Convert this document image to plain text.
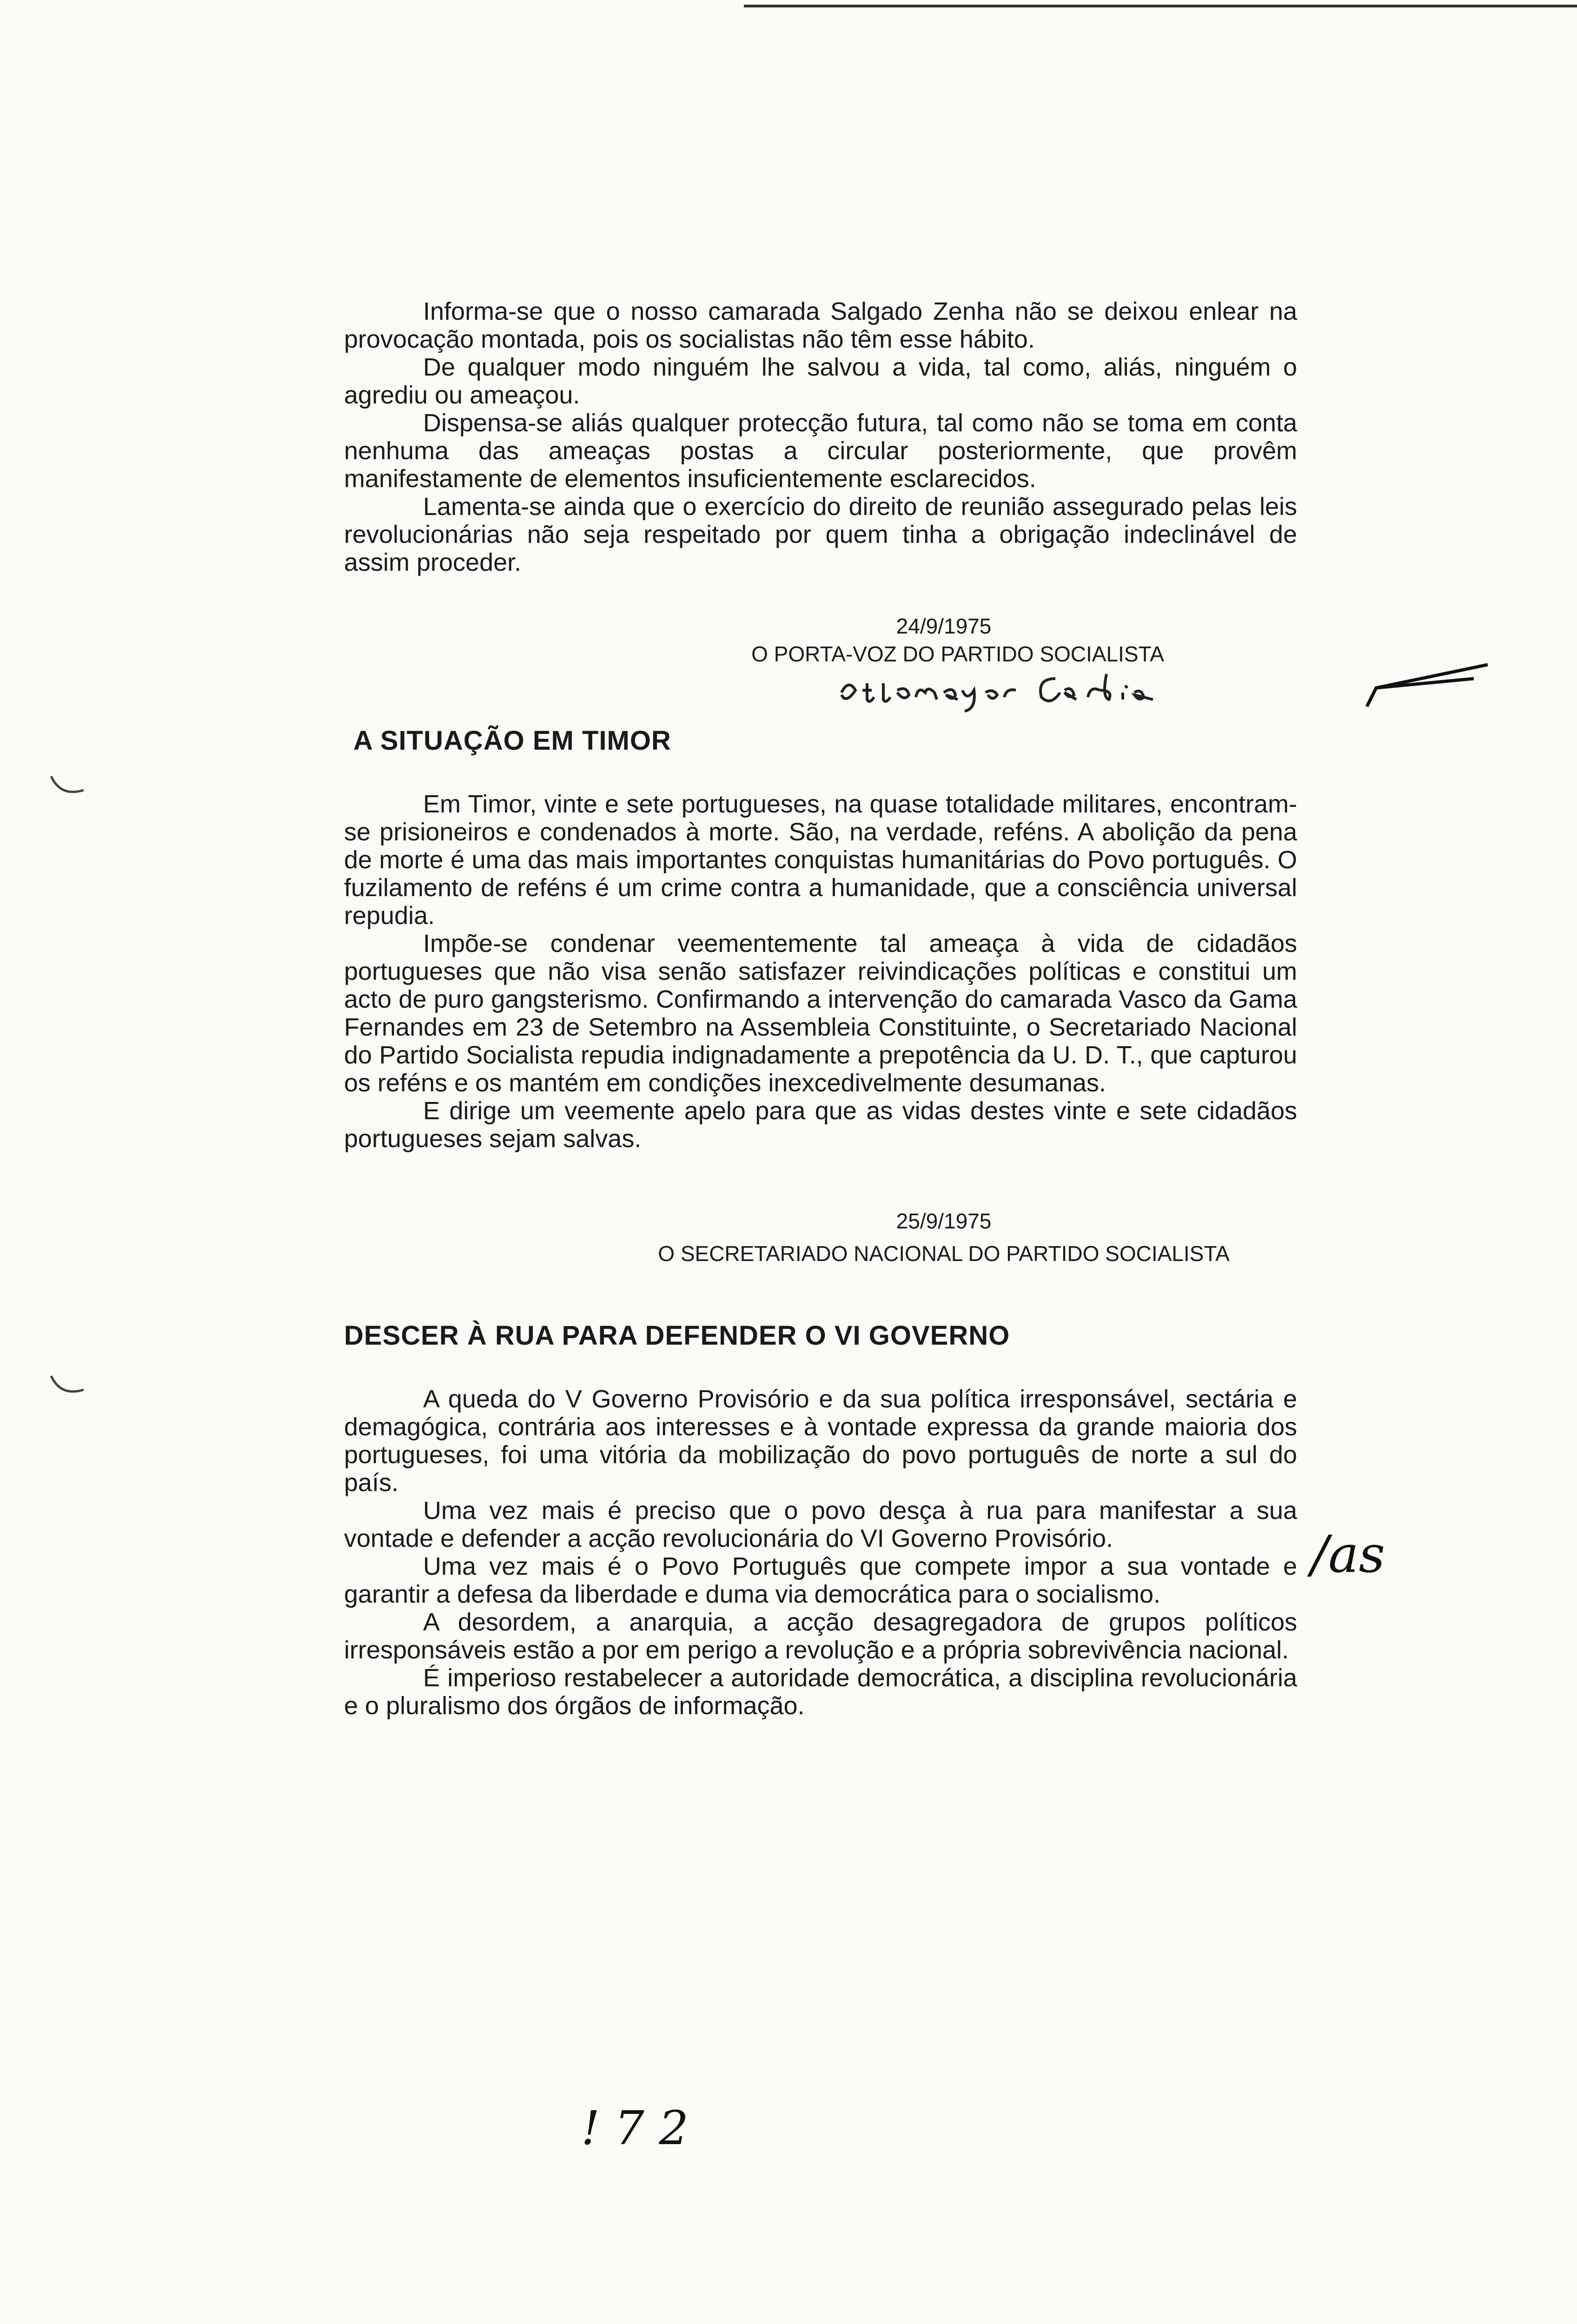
Informa-se que o nosso camarada Salgado Zenha não se deixou enlear na provocação montada, pois os socialistas não têm esse hábito.

De qualquer modo ninguém lhe salvou a vida, tal como, aliás, ninguém o agrediu ou ameaçou.

Dispensa-se aliás qualquer protecção futura, tal como não se toma em conta nenhuma das ameaças postas a circular posteriormente, que provêm manifestamente de elementos insuficientemente esclarecidos.

Lamenta-se ainda que o exercício do direito de reunião assegurado pelas leis revolucionárias não seja respeitado por quem tinha a obrigação indeclinável de assim proceder.

24/9/1975
O PORTA-VOZ DO PARTIDO SOCIALISTA
A SITUAÇÃO EM TIMOR

Em Timor, vinte e sete portugueses, na quase totalidade militares, encontram-se prisioneiros e condenados à morte. São, na verdade, reféns. A abolição da pena de morte é uma das mais importantes conquistas humanitárias do Povo português. O fuzilamento de reféns é um crime contra a humanidade, que a consciência universal repudia.

Impõe-se condenar veementemente tal ameaça à vida de cidadãos portugueses que não visa senão satisfazer reivindicações políticas e constitui um acto de puro gangsterismo. Confirmando a intervenção do camarada Vasco da Gama Fernandes em 23 de Setembro na Assembleia Constituinte, o Secretariado Nacional do Partido Socialista repudia indignadamente a prepotência da U. D. T., que capturou os reféns e os mantém em condições inexcedivelmente desumanas.

E dirige um veemente apelo para que as vidas destes vinte e sete cidadãos portugueses sejam salvas.

25/9/1975
O SECRETARIADO NACIONAL DO PARTIDO SOCIALISTA
DESCER À RUA PARA DEFENDER O VI GOVERNO

A queda do V Governo Provisório e da sua política irresponsável, sectária e demagógica, contrária aos interesses e à vontade expressa da grande maioria dos portugueses, foi uma vitória da mobilização do povo português de norte a sul do país.

Uma vez mais é preciso que o povo desça à rua para manifestar a sua vontade e defender a acção revolucionária do VI Governo Provisório.

Uma vez mais é o Povo Português que compete impor a sua vontade e garantir a defesa da liberdade e duma via democrática para o socialismo.

A desordem, a anarquia, a acção desagregadora de grupos políticos irresponsáveis estão a por em perigo a revolução e a própria sobrevivência nacional.

É imperioso restabelecer a autoridade democrática, a disciplina revolucionária e o pluralismo dos órgãos de informação.

/as
! 7 2
